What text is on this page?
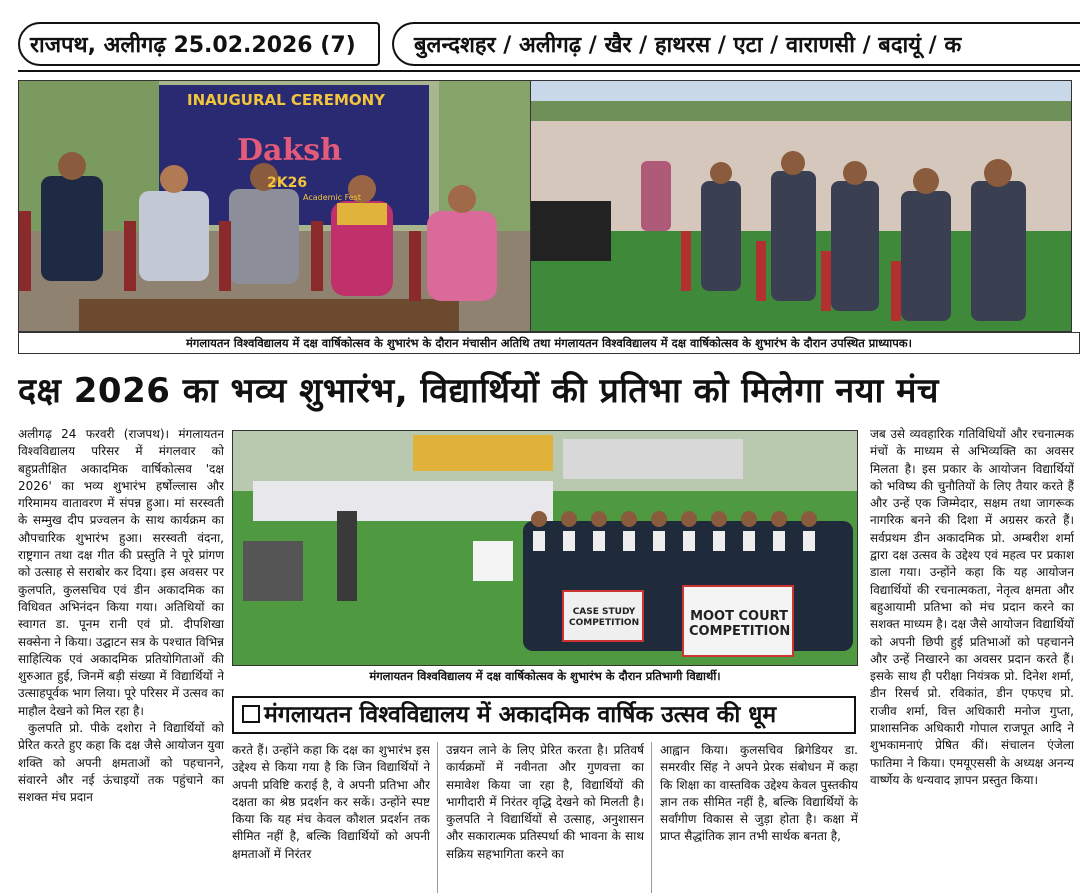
राजपथ, अलीगढ़ 25.02.2026 (7)	बुलन्दशहर / अलीगढ़ / खैर / हाथरस / एटा / वाराणसी / बदायूं / क
INAUGURAL CEREMONY
Daksh
2K26
Academic Fest
मंगलायतन विश्वविद्यालय में दक्ष वार्षिकोत्सव के शुभारंभ के दौरान मंचासीन अतिथि तथा मंगलायतन विश्वविद्यालय में दक्ष वार्षिकोत्सव के शुभारंभ के दौरान उपस्थित प्राध्यापक।
दक्ष 2026 का भव्य शुभारंभ, विद्यार्थियों की प्रतिभा को मिलेगा नया मंच

अलीगढ़ 24 फरवरी (राजपथ)। मंगलायतन विश्वविद्यालय परिसर में मंगलवार को बहुप्रतीक्षित अकादमिक वार्षिकोत्सव 'दक्ष 2026' का भव्य शुभारंभ हर्षोल्लास और गरिमामय वातावरण में संपन्न हुआ। मां सरस्वती के सम्मुख दीप प्रज्वलन के साथ कार्यक्रम का औपचारिक शुभारंभ हुआ। सरस्वती वंदना, राष्ट्रगान तथा दक्ष गीत की प्रस्तुति ने पूरे प्रांगण को उत्साह से सराबोर कर दिया। इस अवसर पर कुलपति, कुलसचिव एवं डीन अकादमिक का विधिवत अभिनंदन किया गया। अतिथियों का स्वागत डा. पूनम रानी एवं प्रो. दीपशिखा सक्सेना ने किया। उद्घाटन सत्र के पश्चात विभिन्न साहित्यिक एवं अकादमिक प्रतियोगिताओं की शुरुआत हुई, जिनमें बड़ी संख्या में विद्यार्थियों ने उत्साहपूर्वक भाग लिया। पूरे परिसर में उत्सव का माहौल देखने को मिल रहा है।

कुलपति प्रो. पीके दशोरा ने विद्यार्थियों को प्रेरित करते हुए कहा कि दक्ष जैसे आयोजन युवा शक्ति को अपनी क्षमताओं को पहचानने, संवारने और नई ऊंचाइयों तक पहुंचाने का सशक्त मंच प्रदान

CASE STUDY COMPETITION	MOOT COURT COMPETITION
मंगलायतन विश्वविद्यालय में दक्ष वार्षिकोत्सव के शुभारंभ के दौरान प्रतिभागी विद्यार्थी।
मंगलायतन विश्वविद्यालय में अकादमिक वार्षिक उत्सव की धूम
करते हैं। उन्होंने कहा कि दक्ष का शुभारंभ इस उद्देश्य से किया गया है कि जिन विद्यार्थियों ने अपनी प्रविष्टि कराई है, वे अपनी प्रतिभा और दक्षता का श्रेष्ठ प्रदर्शन कर सकें। उन्होंने स्पष्ट किया कि यह मंच केवल कौशल प्रदर्शन तक सीमित नहीं है, बल्कि विद्यार्थियों को अपनी क्षमताओं में निरंतर
उन्नयन लाने के लिए प्रेरित करता है। प्रतिवर्ष कार्यक्रमों में नवीनता और गुणवत्ता का समावेश किया जा रहा है, विद्यार्थियों की भागीदारी में निरंतर वृद्धि देखने को मिलती है। कुलपति ने विद्यार्थियों से उत्साह, अनुशासन और सकारात्मक प्रतिस्पर्धा की भावना के साथ सक्रिय सहभागिता करने का
आह्वान किया। कुलसचिव ब्रिगेडियर डा. समरवीर सिंह ने अपने प्रेरक संबोधन में कहा कि शिक्षा का वास्तविक उद्देश्य केवल पुस्तकीय ज्ञान तक सीमित नहीं है, बल्कि विद्यार्थियों के सर्वांगीण विकास से जुड़ा होता है। कक्षा में प्राप्त सैद्धांतिक ज्ञान तभी सार्थक बनता है,
जब उसे व्यवहारिक गतिविधियों और रचनात्मक मंचों के माध्यम से अभिव्यक्ति का अवसर मिलता है। इस प्रकार के आयोजन विद्यार्थियों को भविष्य की चुनौतियों के लिए तैयार करते हैं और उन्हें एक जिम्मेदार, सक्षम तथा जागरूक नागरिक बनने की दिशा में अग्रसर करते हैं। सर्वप्रथम डीन अकादमिक प्रो. अम्बरीश शर्मा द्वारा दक्ष उत्सव के उद्देश्य एवं महत्व पर प्रकाश डाला गया। उन्होंने कहा कि यह आयोजन विद्यार्थियों की रचनात्मकता, नेतृत्व क्षमता और बहुआयामी प्रतिभा को मंच प्रदान करने का सशक्त माध्यम है। दक्ष जैसे आयोजन विद्यार्थियों को अपनी छिपी हुई प्रतिभाओं को पहचानने और उन्हें निखारने का अवसर प्रदान करते हैं। इसके साथ ही परीक्षा नियंत्रक प्रो. दिनेश शर्मा, डीन रिसर्च प्रो. रविकांत, डीन एफएच प्रो. राजीव शर्मा, वित्त अधिकारी मनोज गुप्ता, प्राशासनिक अधिकारी गोपाल राजपूत आदि ने शुभकामनाएं प्रेषित कीं। संचालन एंजेला फातिमा ने किया। एमयूएससी के अध्यक्ष अनन्य वार्ष्णेय के धन्यवाद ज्ञापन प्रस्तुत किया।
